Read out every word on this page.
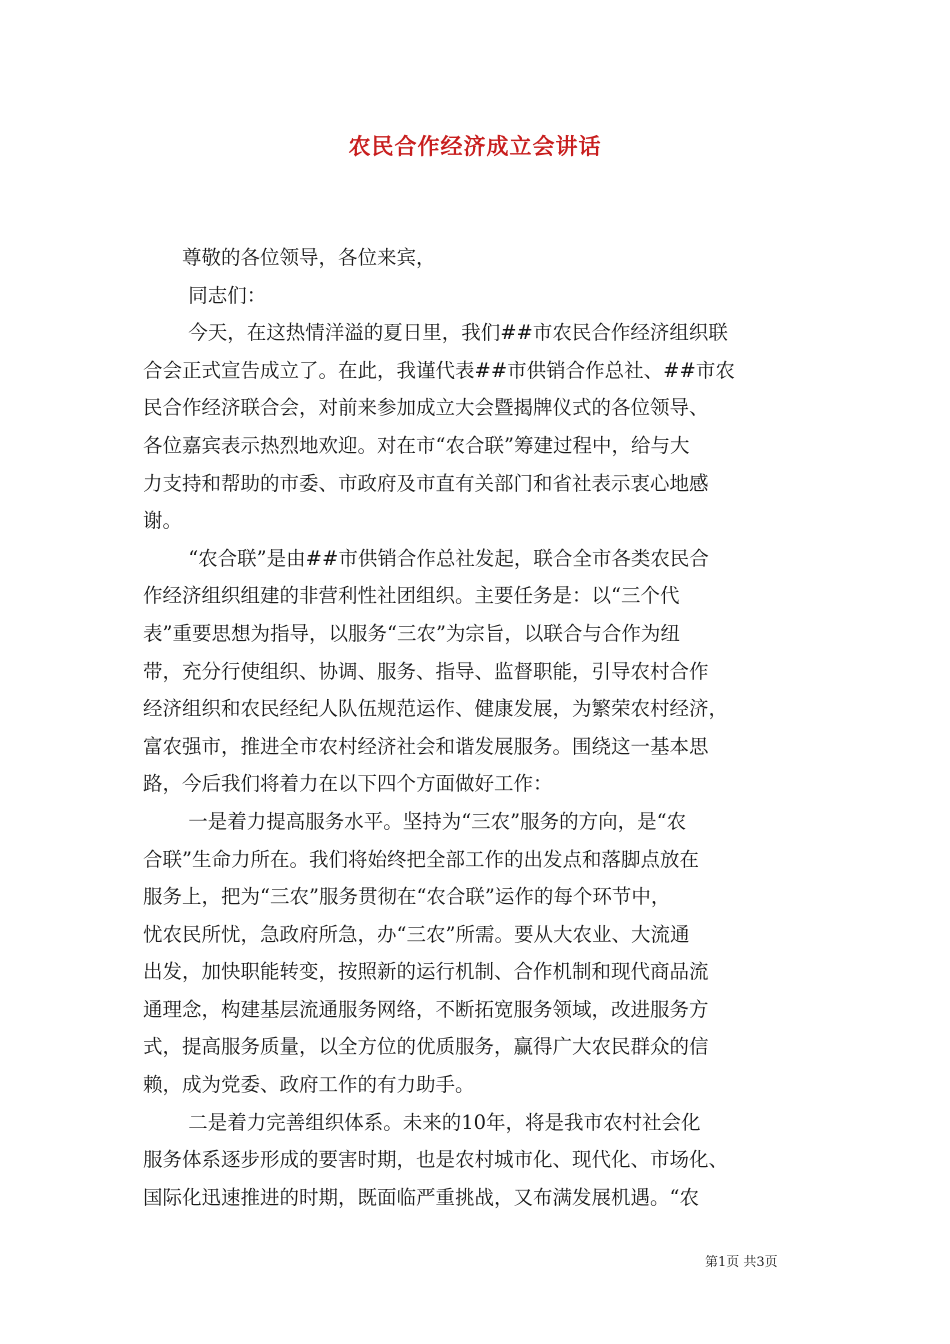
农民合作经济成立会讲话
　　尊敬的各位领导，各位来宾，
　　 同志们：
　　 今天，在这热情洋溢的夏日里，我们##市农民合作经济组织联
合会正式宣告成立了。在此，我谨代表##市供销合作总社、##市农
民合作经济联合会，对前来参加成立大会暨揭牌仪式的各位领导、
各位嘉宾表示热烈地欢迎。对在市“农合联”筹建过程中，给与大
力支持和帮助的市委、市政府及市直有关部门和省社表示衷心地感
谢。
　　 “农合联”是由##市供销合作总社发起，联合全市各类农民合
作经济组织组建的非营利性社团组织。主要任务是：以“三个代
表”重要思想为指导，以服务“三农”为宗旨，以联合与合作为纽
带，充分行使组织、协调、服务、指导、监督职能，引导农村合作
经济组织和农民经纪人队伍规范运作、健康发展，为繁荣农村经济，
富农强市，推进全市农村经济社会和谐发展服务。围绕这一基本思
路，今后我们将着力在以下四个方面做好工作：
　　 一是着力提高服务水平。坚持为“三农”服务的方向，是“农
合联”生命力所在。我们将始终把全部工作的出发点和落脚点放在
服务上，把为“三农”服务贯彻在“农合联”运作的每个环节中，
忧农民所忧，急政府所急，办“三农”所需。要从大农业、大流通
出发，加快职能转变，按照新的运行机制、合作机制和现代商品流
通理念，构建基层流通服务网络，不断拓宽服务领域，改进服务方
式，提高服务质量，以全方位的优质服务，赢得广大农民群众的信
赖，成为党委、政府工作的有力助手。
　　 二是着力完善组织体系。未来的10年，将是我市农村社会化
服务体系逐步形成的要害时期，也是农村城市化、现代化、市场化、
国际化迅速推进的时期，既面临严重挑战，又布满发展机遇。“农
第1页 共3页
